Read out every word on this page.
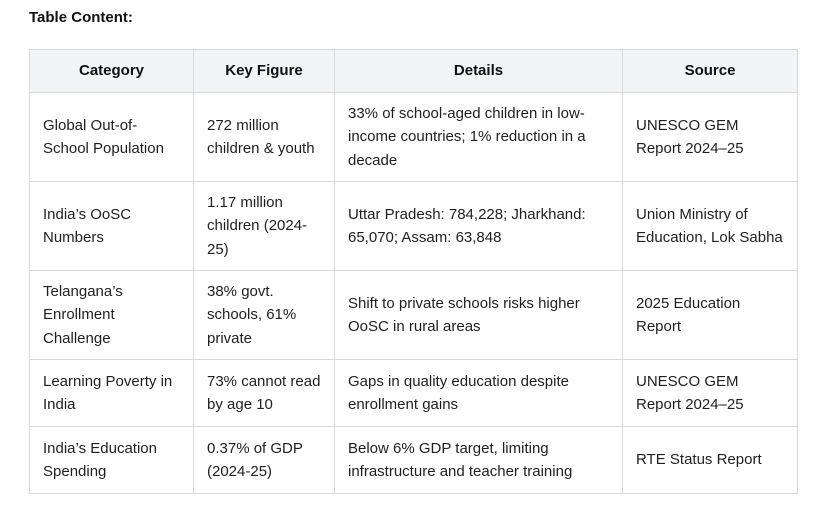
Table Content:
Category	Key Figure	Details	Source
Global Out-of-School Population	272 million children & youth	33% of school-aged children in low-income countries; 1% reduction in a decade	UNESCO GEM Report 2024–25
India’s OoSC Numbers	1.17 million children (2024-25)	Uttar Pradesh: 784,228; Jharkhand: 65,070; Assam: 63,848	Union Ministry of Education, Lok Sabha
Telangana’s Enrollment Challenge	38% govt. schools, 61% private	Shift to private schools risks higher OoSC in rural areas	2025 Education Report
Learning Poverty in India	73% cannot read by age 10	Gaps in quality education despite enrollment gains	UNESCO GEM Report 2024–25
India’s Education Spending	0.37% of GDP (2024-25)	Below 6% GDP target, limiting infrastructure and teacher training	RTE Status Report
